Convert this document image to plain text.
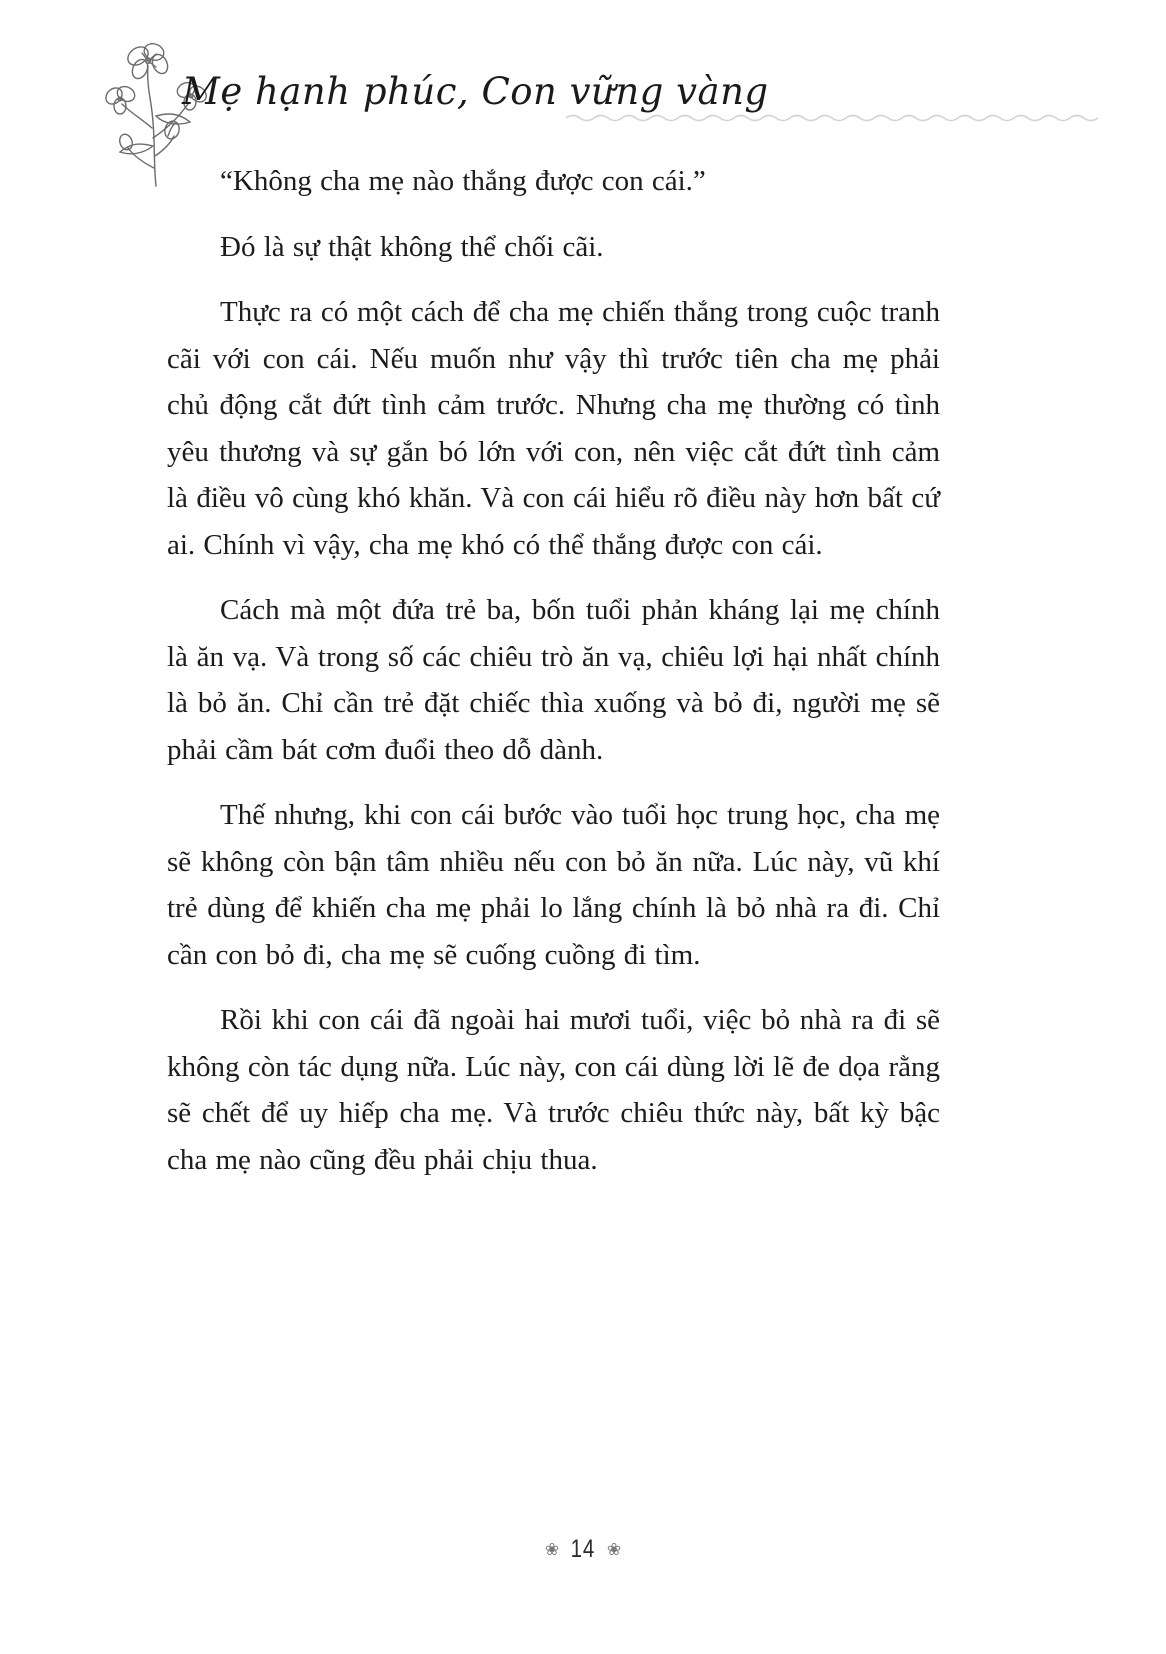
Mẹ hạnh phúc, Con vững vàng

“Không cha mẹ nào thắng được con cái.”

Đó là sự thật không thể chối cãi.

Thực ra có một cách để cha mẹ chiến thắng trong cuộc tranh cãi với con cái. Nếu muốn như vậy thì trước tiên cha mẹ phải chủ động cắt đứt tình cảm trước. Nhưng cha mẹ thường có tình yêu thương và sự gắn bó lớn với con, nên việc cắt đứt tình cảm là điều vô cùng khó khăn. Và con cái hiểu rõ điều này hơn bất cứ ai. Chính vì vậy, cha mẹ khó có thể thắng được con cái.

Cách mà một đứa trẻ ba, bốn tuổi phản kháng lại mẹ chính là ăn vạ. Và trong số các chiêu trò ăn vạ, chiêu lợi hại nhất chính là bỏ ăn. Chỉ cần trẻ đặt chiếc thìa xuống và bỏ đi, người mẹ sẽ phải cầm bát cơm đuổi theo dỗ dành.

Thế nhưng, khi con cái bước vào tuổi học trung học, cha mẹ sẽ không còn bận tâm nhiều nếu con bỏ ăn nữa. Lúc này, vũ khí trẻ dùng để khiến cha mẹ phải lo lắng chính là bỏ nhà ra đi. Chỉ cần con bỏ đi, cha mẹ sẽ cuống cuồng đi tìm.

Rồi khi con cái đã ngoài hai mươi tuổi, việc bỏ nhà ra đi sẽ không còn tác dụng nữa. Lúc này, con cái dùng lời lẽ đe dọa rằng sẽ chết để uy hiếp cha mẹ. Và trước chiêu thức này, bất kỳ bậc cha mẹ nào cũng đều phải chịu thua.

❀ 14 ❀
